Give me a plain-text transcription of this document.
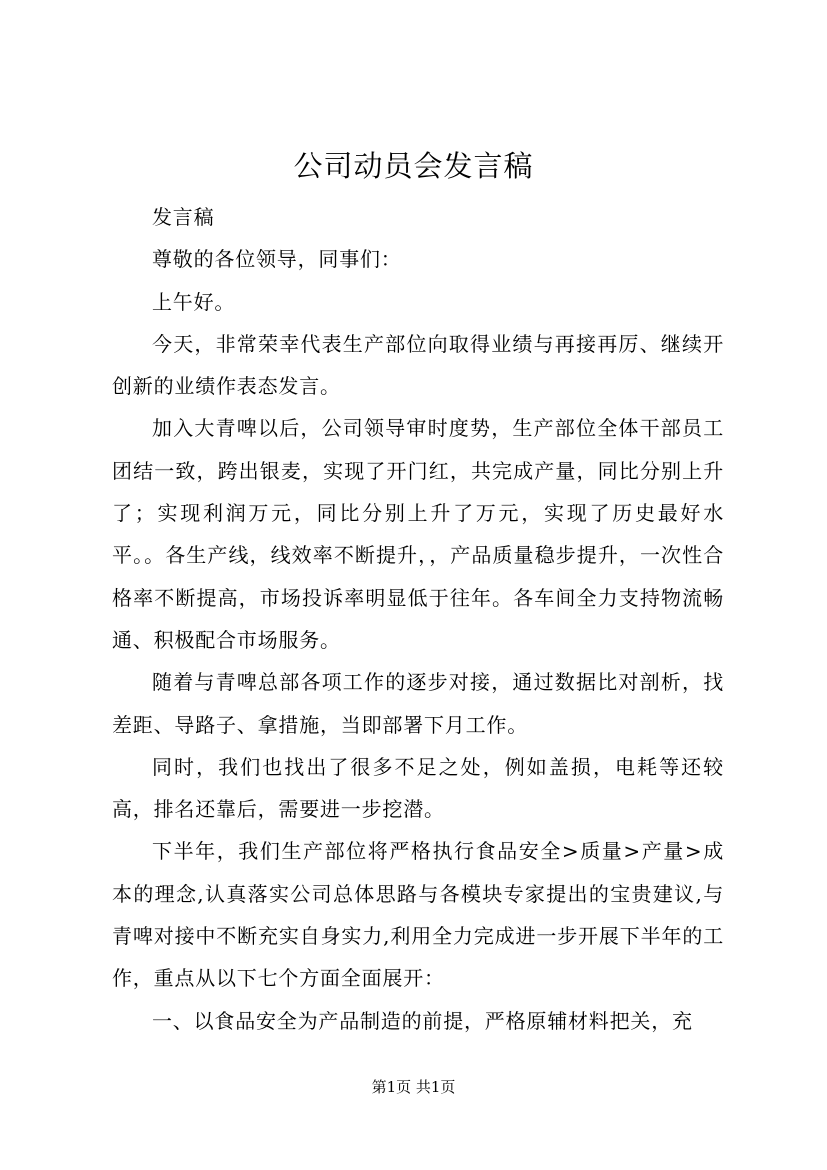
公司动员会发言稿

发言稿

尊敬的各位领导，同事们：

上午好。

今天，非常荣幸代表生产部位向取得业绩与再接再厉、继续开创新的业绩作表态发言。

加入大青啤以后，公司领导审时度势，生产部位全体干部员工团结一致，跨出银麦，实现了开门红，共完成产量，同比分别上升了；实现利润万元，同比分别上升了万元，实现了历史最好水平。。各生产线，线效率不断提升，，产品质量稳步提升，一次性合格率不断提高，市场投诉率明显低于往年。各车间全力支持物流畅通、积极配合市场服务。

随着与青啤总部各项工作的逐步对接，通过数据比对剖析，找差距、导路子、拿措施，当即部署下月工作。

同时，我们也找出了很多不足之处，例如盖损，电耗等还较高，排名还靠后，需要进一步挖潜。

下半年，我们生产部位将严格执行食品安全>质量>产量>成本的理念,认真落实公司总体思路与各模块专家提出的宝贵建议,与青啤对接中不断充实自身实力,利用全力完成进一步开展下半年的工作，重点从以下七个方面全面展开：

一、以食品安全为产品制造的前提，严格原辅材料把关，充

第1页 共1页
